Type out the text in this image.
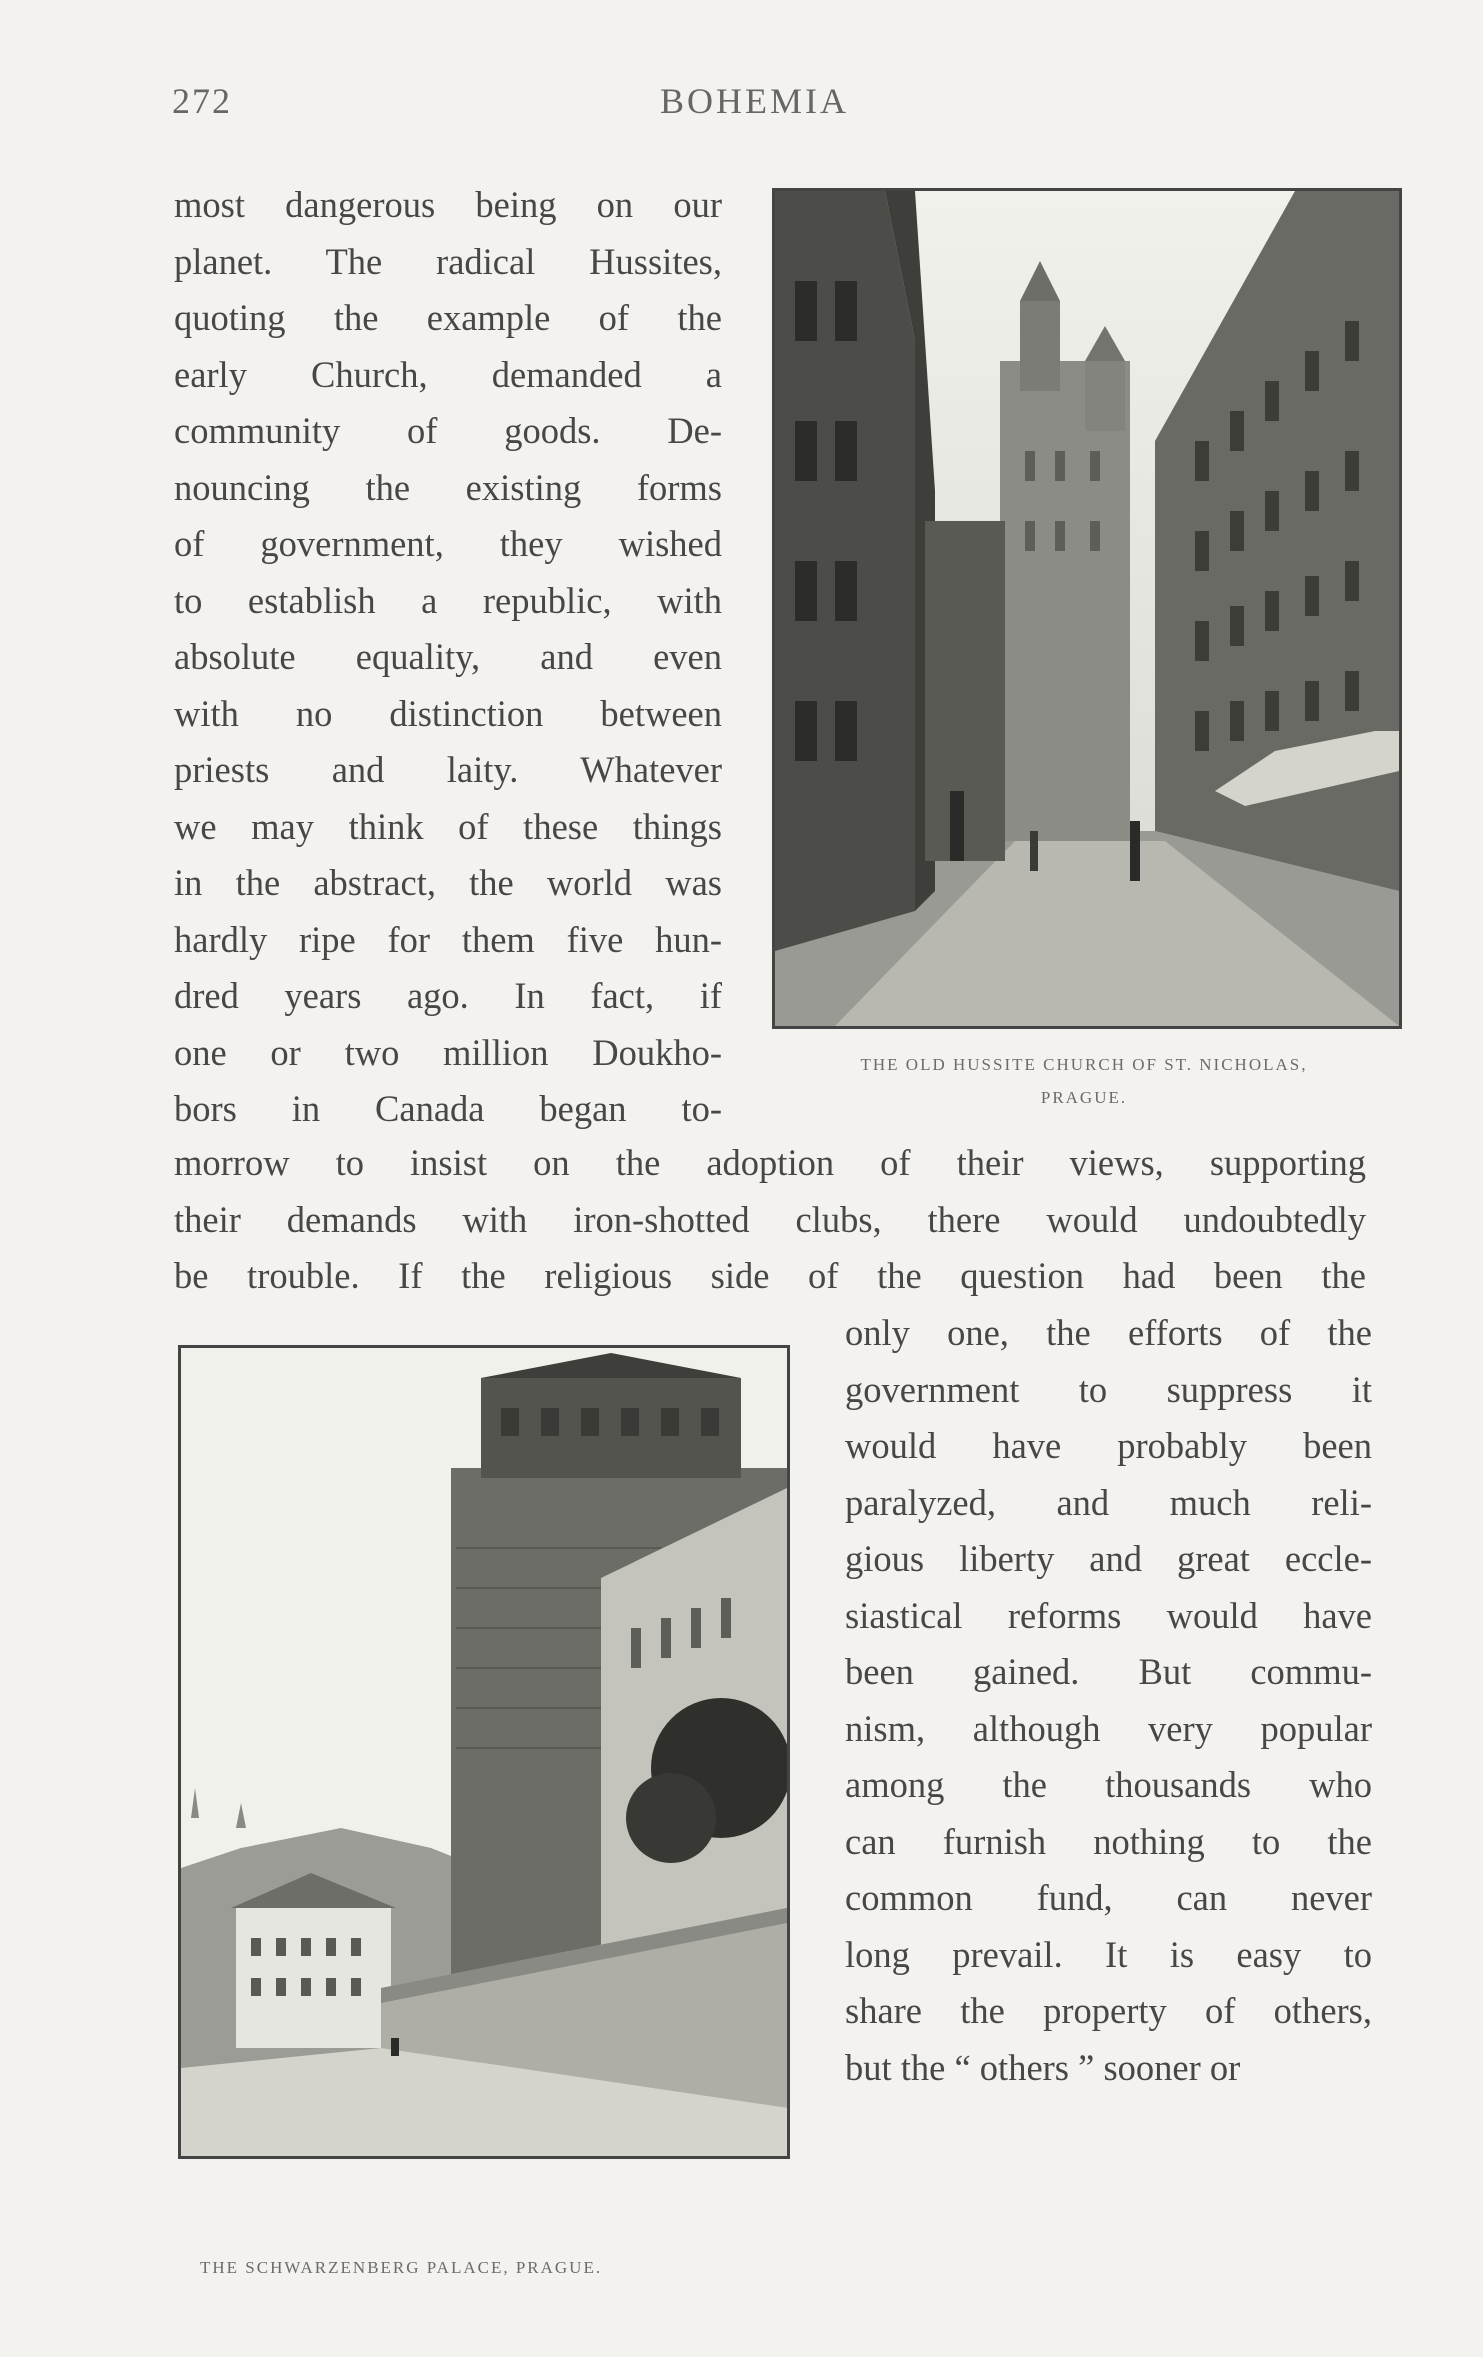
272	BOHEMIA
most dangerous being on our
planet. The radical Hussites,
quoting the example of the
early Church, demanded a
community of goods. De-
nouncing the existing forms
of government, they wished
to establish a republic, with
absolute equality, and even
with no distinction between
priests and laity. Whatever
we may think of these things
in the abstract, the world was
hardly ripe for them five hun-
dred years ago. In fact, if
one or two million Doukho-
bors in Canada began to-
THE OLD HUSSITE CHURCH OF ST. NICHOLAS,
PRAGUE.
morrow to insist on the adoption of their views, supporting
their demands with iron-shotted clubs, there would undoubtedly
be trouble. If the religious side of the question had been the
only one, the efforts of the
government to suppress it
would have probably been
paralyzed, and much reli-
gious liberty and great eccle-
siastical reforms would have
been gained. But commu-
nism, although very popular
among the thousands who
can furnish nothing to the
common fund, can never
long prevail. It is easy to
share the property of others,
but the “ others ” sooner or
THE SCHWARZENBERG PALACE, PRAGUE.
